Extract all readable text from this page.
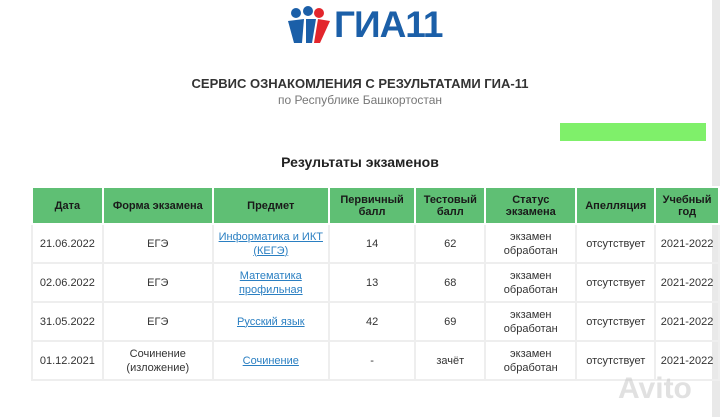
ГИА11
СЕРВИС ОЗНАКОМЛЕНИЯ С РЕЗУЛЬТАТАМИ ГИА-11
по Республике Башкортостан
Результаты экзаменов
Дата	Форма экзамена	Предмет	Первичный балл	Тестовый балл	Статус экзамена	Апелляция	Учебный год
21.06.2022	ЕГЭ	Информатика и ИКТ (КЕГЭ)	14	62	экзамен обработан	отсутствует	2021-2022
02.06.2022	ЕГЭ	Математика профильная	13	68	экзамен обработан	отсутствует	2021-2022
31.05.2022	ЕГЭ	Русский язык	42	69	экзамен обработан	отсутствует	2021-2022
01.12.2021	Сочинение (изложение)	Сочинение	-	зачёт	экзамен обработан	отсутствует	2021-2022
Avito
